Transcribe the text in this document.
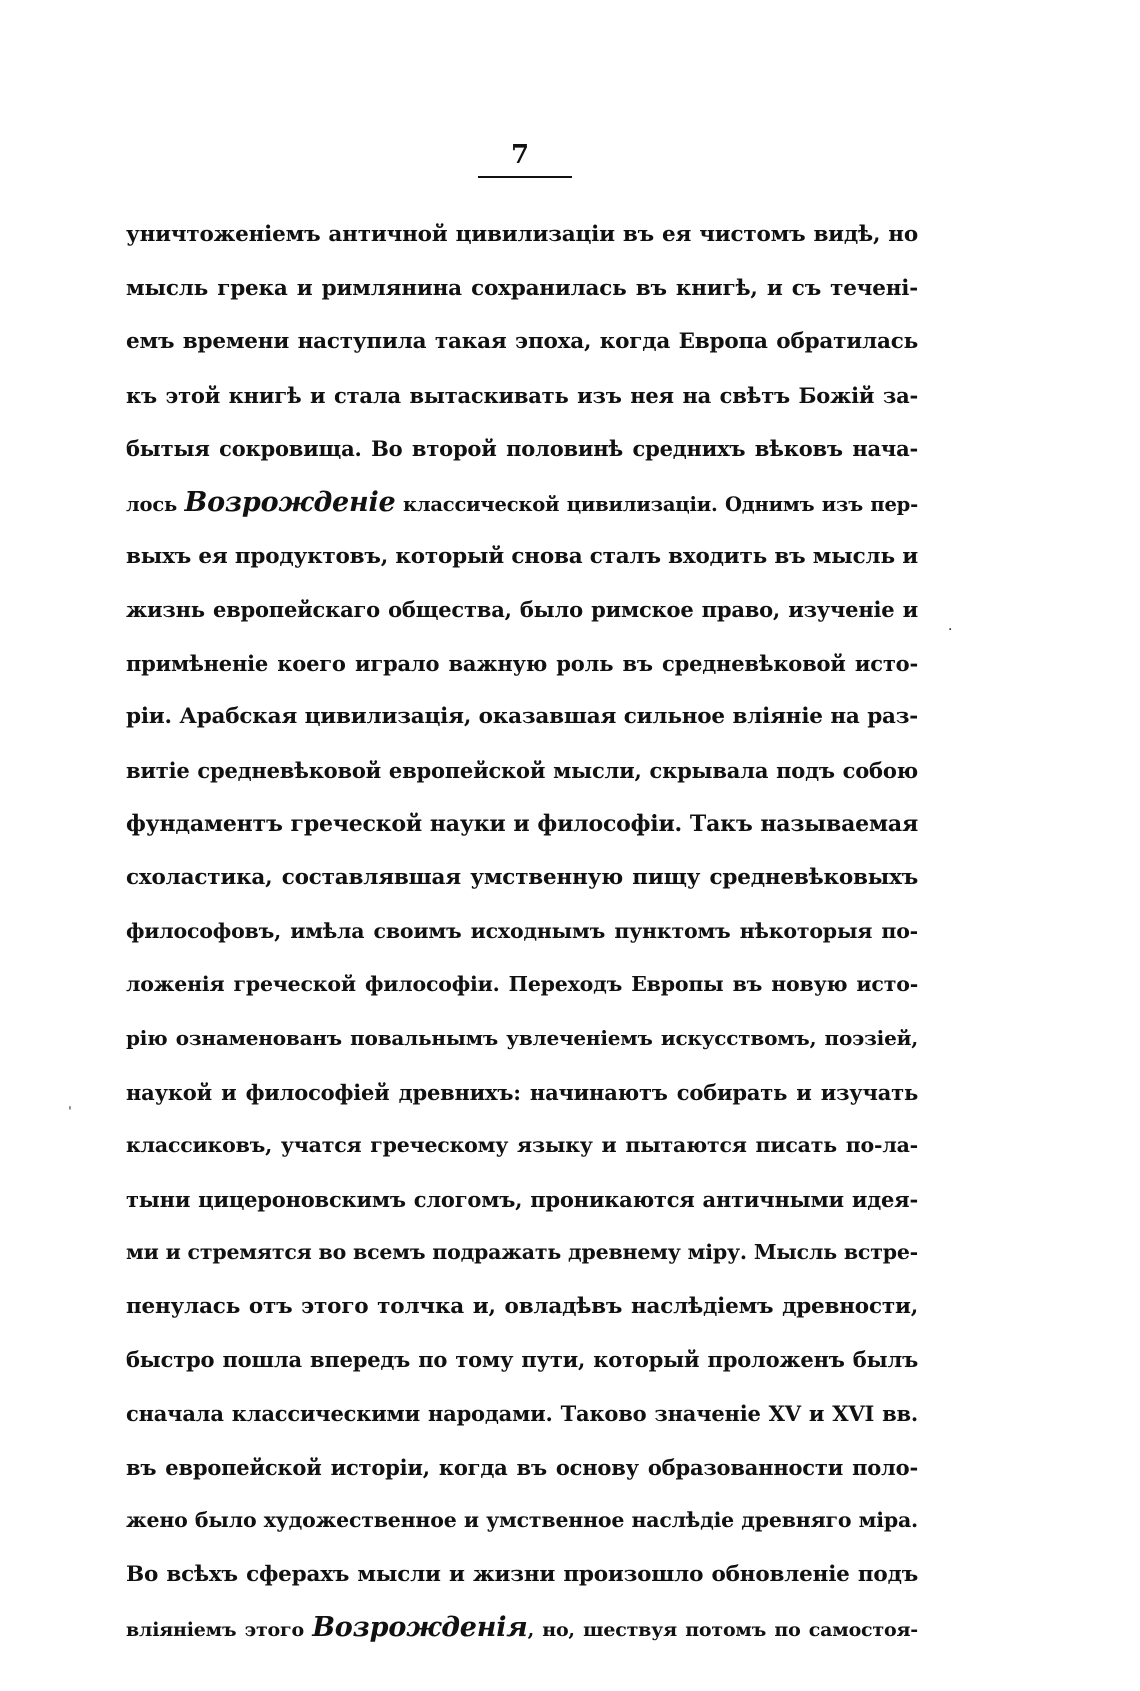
7
уничтоженіемъ античной цивилизаціи въ ея чистомъ видѣ, но
мысль грека и римлянина сохранилась въ книгѣ, и съ теченi-
емъ времени наступила такая эпоха, когда Европа обратилась
къ этой книгѣ и стала вытаскивать изъ нея на свѣтъ Божій за-
бытыя сокровища. Во второй половинѣ среднихъ вѣковъ нача-
лось Возрожденіе классической цивилизаціи. Однимъ изъ пер-
выхъ ея продуктовъ, который снова сталъ входить въ мысль и
жизнь европейскаго общества, было римское право, изученіе и
примѣненіе коего играло важную роль въ средневѣковой исто-
ріи. Арабская цивилизація, оказавшая сильное вліяніе на раз-
витіе средневѣковой европейской мысли, скрывала подъ собою
фундаментъ греческой науки и философіи. Такъ называемая
схоластика, составлявшая умственную пищу средневѣковыхъ
философовъ, имѣла своимъ исходнымъ пунктомъ нѣкоторыя по-
ложенія греческой философіи. Переходъ Европы въ новую исто-
рію ознаменованъ повальнымъ увлеченіемъ искусствомъ, поэзіей,
наукой и философіей древнихъ: начинаютъ собирать и изучать
классиковъ, учатся греческому языку и пытаются писать по-ла-
тыни цицероновскимъ слогомъ, проникаются античными идея-
ми и стремятся во всемъ подражать древнему міру. Мысль встре-
пенулась отъ этого толчка и, овладѣвъ наслѣдіемъ древности,
быстро пошла впередъ по тому пути, который проложенъ былъ
сначала классическими народами. Таково значеніе XV и XVI вв.
въ европейской исторіи, когда въ основу образованности поло-
жено было художественное и умственное наслѣдіе древняго міра.
Во всѣхъ сферахъ мысли и жизни произошло обновленіе подъ
вліяніемъ этого Возрожденія, но, шествуя потомъ по самостоя-
·
ˌ
